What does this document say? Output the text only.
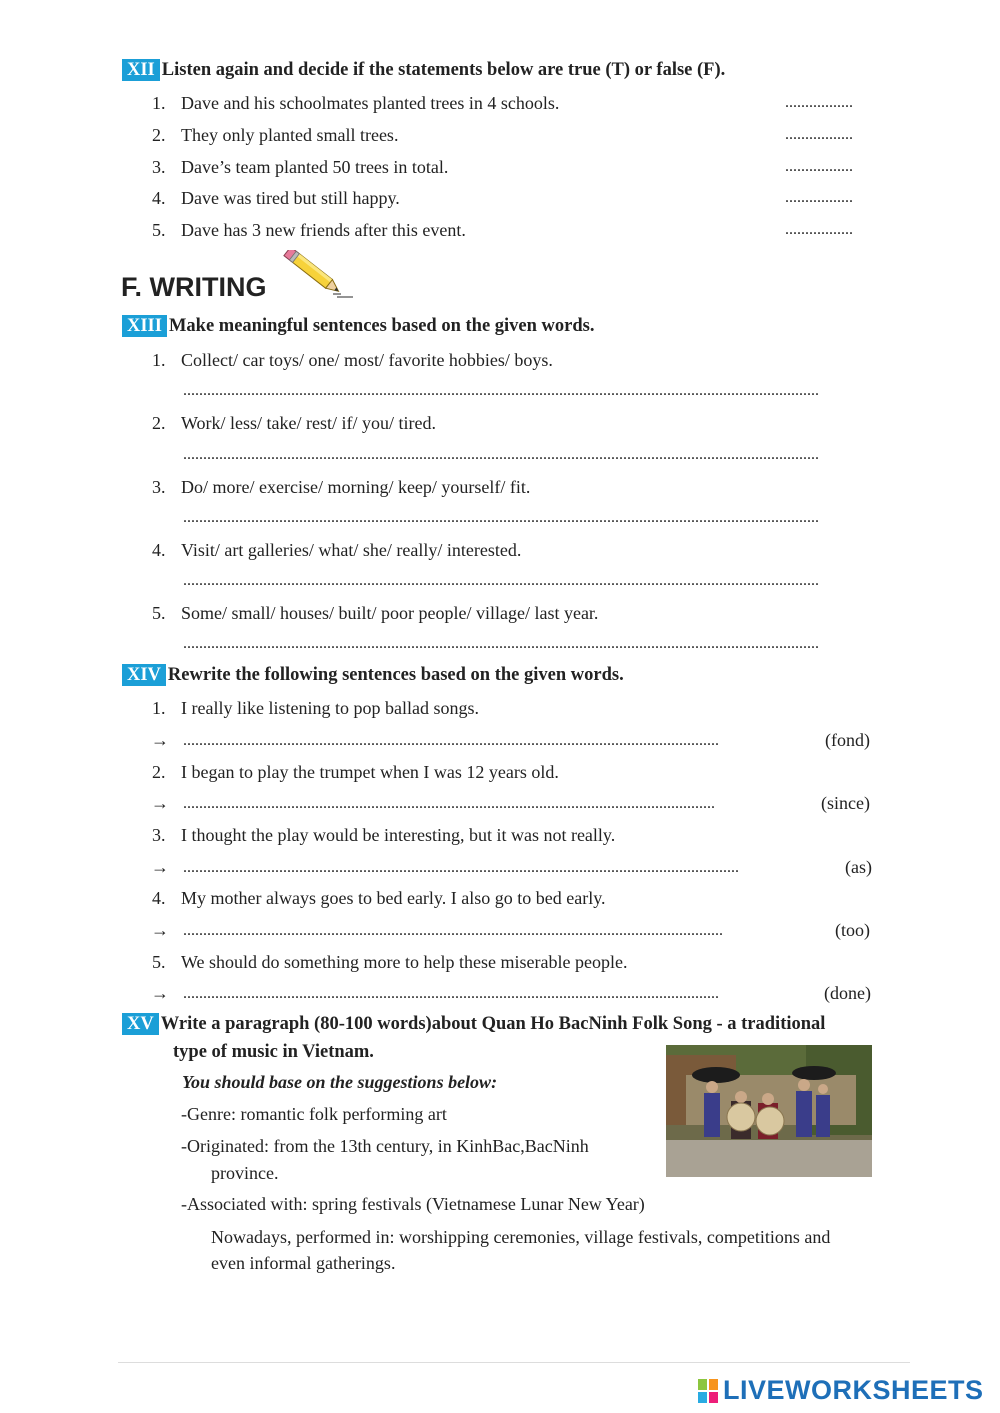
XII Listen again and decide if the statements below are true (T) or false (F).
1. Dave and his schoolmates planted trees in 4 schools.	.................
2. They only planted small trees.	.................
3. Dave’s team planted 50 trees in total.	.................
4. Dave was tired but still happy.	.................
5. Dave has 3 new friends after this event.	.................
F. WRITING
XIII Make meaningful sentences based on the given words.
1. Collect/ car toys/ one/ most/ favorite hobbies/ boys.
...............................................................................................................................................................
2. Work/ less/ take/ rest/ if/ you/ tired.
...............................................................................................................................................................
3. Do/ more/ exercise/ morning/ keep/ yourself/ fit.
...............................................................................................................................................................
4. Visit/ art galleries/ what/ she/ really/ interested.
...............................................................................................................................................................
5. Some/ small/ houses/ built/ poor people/ village/ last year.
...............................................................................................................................................................
XIV Rewrite the following sentences based on the given words.
1. I really like listening to pop ballad songs.
→ ......................................................................................................................................	(fond)
2. I began to play the trumpet when I was 12 years old.
→ .....................................................................................................................................	(since)
3. I thought the play would be interesting, but it was not really.
→ ...........................................................................................................................................	(as)
4. My mother always goes to bed early. I also go to bed early.
→ .......................................................................................................................................	(too)
5. We should do something more to help these miserable people.
→ ......................................................................................................................................	(done)
XV Write a paragraph (80-100 words)about Quan Ho BacNinh Folk Song - a traditional
type of music in Vietnam.
You should base on the suggestions below:
-Genre: romantic folk performing art
-Originated: from the 13th century, in KinhBac,BacNinh
province.
-Associated with: spring festivals (Vietnamese Lunar New Year)
Nowadays, performed in: worshipping ceremonies, village festivals, competitions and
even informal gatherings.
LIVEWORKSHEETS
